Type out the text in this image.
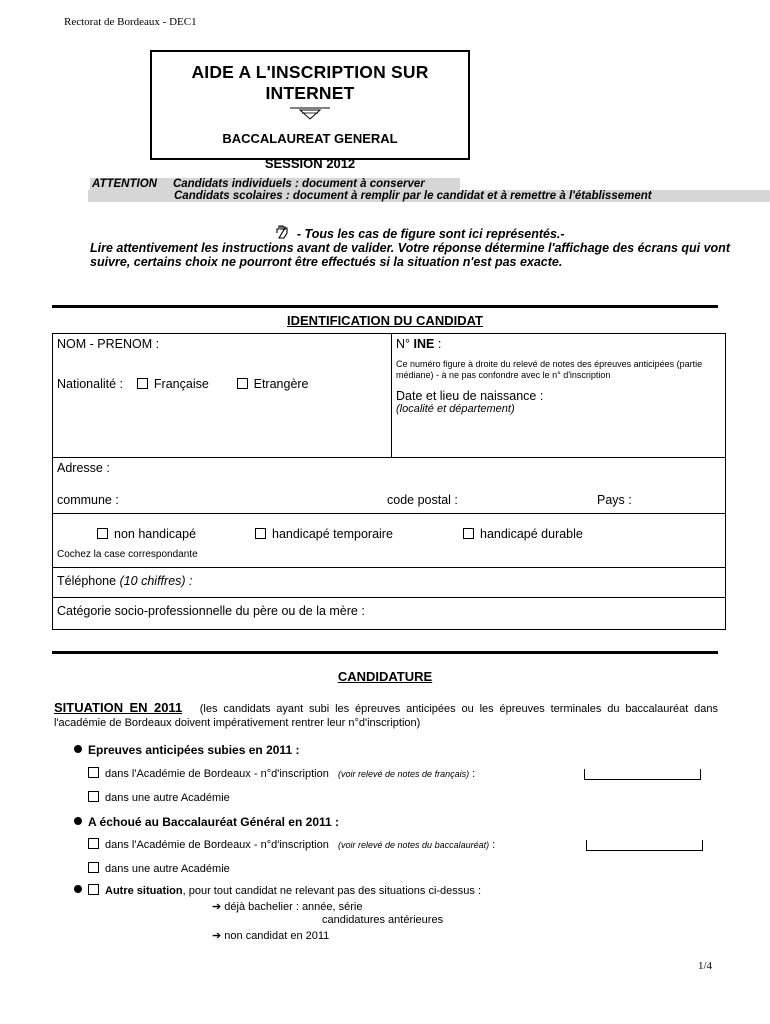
Rectorat de Bordeaux - DEC1
AIDE A L'INSCRIPTION SUR INTERNET
BACCALAUREAT GENERAL
SESSION 2012
ATTENTION Candidats individuels : document à conserver
Candidats scolaires : document à remplir par le candidat et à remettre à l'établissement
- Tous les cas de figure sont ici représentés.-
Lire attentivement les instructions avant de valider. Votre réponse détermine l'affichage des écrans qui vont suivre, certains choix ne pourront être effectués si la situation n'est pas exacte.
IDENTIFICATION DU CANDIDAT
NOM - PRENOM :
Nationalité : Française	Etrangère

N° INE :
Ce numéro figure à droite du relevé de notes des épreuves anticipées (partie médiane) - à ne pas confondre avec le n° d'inscription
Date et lieu de naissance :
(localité et département)

Adresse :
commune :	code postal :	Pays :

non handicapé	handicapé temporaire	handicapé durable
Cochez la case correspondante

Téléphone (10 chiffres) :
Catégorie socio-professionnelle du père ou de la mère :
CANDIDATURE
SITUATION EN 2011 (les candidats ayant subi les épreuves anticipées ou les épreuves terminales du baccalauréat dans l'académie de Bordeaux doivent impérativement rentrer leur n°d'inscription)
Epreuves anticipées subies en 2011 :
dans l'Académie de Bordeaux - n°d'inscription (voir relevé de notes de français) :
dans une autre Académie
A échoué au Baccalauréat Général en 2011 :
dans l'Académie de Bordeaux - n°d'inscription (voir relevé de notes du baccalauréat) :
dans une autre Académie
Autre situation, pour tout candidat ne relevant pas des situations ci-dessus :
➔ déjà bachelier : année, série
candidatures antérieures
➔ non candidat en 2011
1/4
